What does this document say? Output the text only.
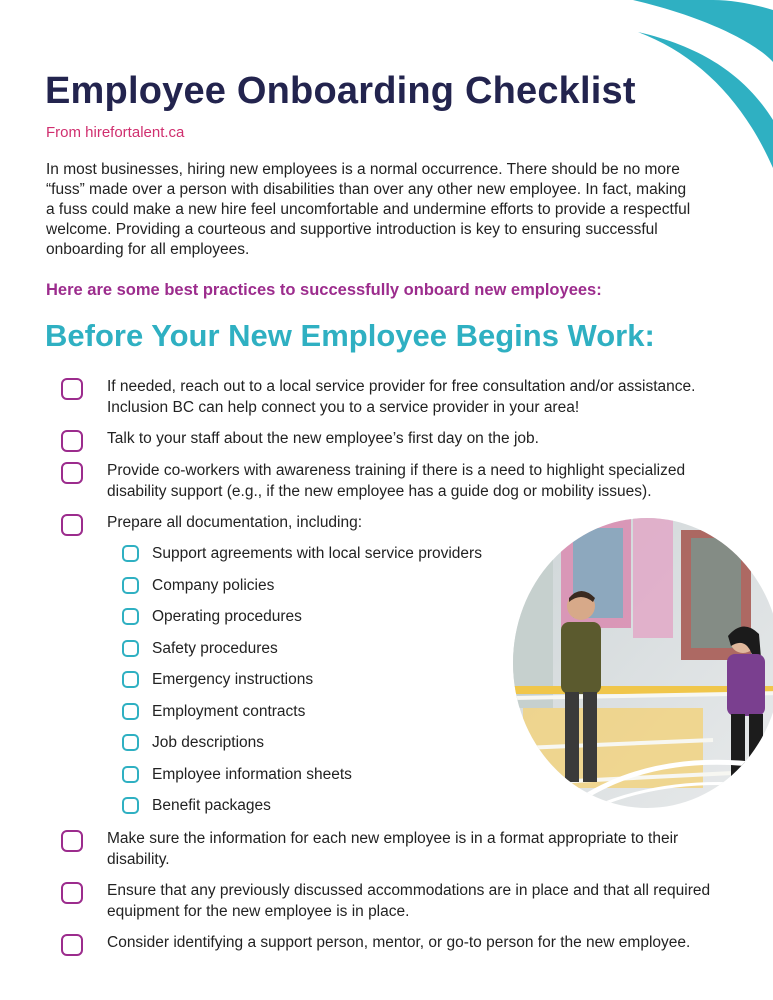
Employee Onboarding Checklist
From hirefortalent.ca

In most businesses, hiring new employees is a normal occurrence. There should be no more “fuss” made over a person with disabilities than over any other new employee. In fact, making a fuss could make a new hire feel uncomfortable and undermine efforts to provide a respectful welcome. Providing a courteous and supportive introduction is key to ensuring successful onboarding for all employees.

Here are some best practices to successfully onboard new employees:
Before Your New Employee Begins Work:
If needed, reach out to a local service provider for free consultation and/or assistance. Inclusion BC can help connect you to a service provider in your area!
Talk to your staff about the new employee’s first day on the job.
Provide co-workers with awareness training if there is a need to highlight specialized disability support (e.g., if the new employee has a guide dog or mobility issues).
Prepare all documentation, including:
Support agreements with local service providers
Company policies
Operating procedures
Safety procedures
Emergency instructions
Employment contracts
Job descriptions
Employee information sheets
Benefit packages
Make sure the information for each new employee is in a format appropriate to their disability.
Ensure that any previously discussed accommodations are in place and that all required equipment for the new employee is in place.
Consider identifying a support person, mentor, or go-to person for the new employee.
